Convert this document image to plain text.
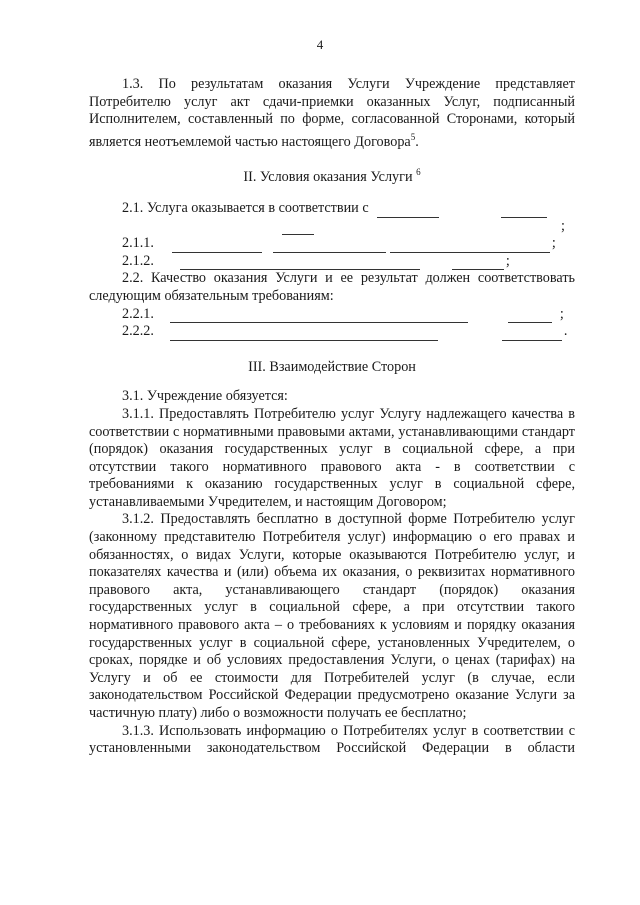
4

1.3. По результатам оказания Услуги Учреждение представляет Потребителю услуг акт сдачи-приемки оказанных Услуг, подписанный Исполнителем, составленный по форме, согласованной Сторонами, который является неотъемлемой частью настоящего Договора$^5$.

II. Условия оказания Услуги $^6$

2.1. Услуга оказывается в соответствии с
;
2.1.1.	;
2.1.2.	;

2.2. Качество оказания Услуги и ее результат должен соответствовать следующим обязательным требованиям:

2.2.1.	;
2.2.2.	.

III. Взаимодействие Сторон

3.1. Учреждение обязуется:

3.1.1. Предоставлять Потребителю услуг Услугу надлежащего качества в соответствии с нормативными правовыми актами, устанавливающими стандарт (порядок) оказания государственных услуг в социальной сфере, а при отсутствии такого нормативного правового акта - в соответствии с требованиями к оказанию государственных услуг в социальной сфере, устанавливаемыми Учредителем, и настоящим Договором;

3.1.2. Предоставлять бесплатно в доступной форме Потребителю услуг (законному представителю Потребителя услуг) информацию о его правах и обязанностях, о видах Услуги, которые оказываются Потребителю услуг, и показателях качества и (или) объема их оказания, о реквизитах нормативного правового акта, устанавливающего стандарт (порядок) оказания государственных услуг в социальной сфере, а при отсутствии такого нормативного правового акта – о требованиях к условиям и порядку оказания государственных услуг в социальной сфере, установленных Учредителем, о сроках, порядке и об условиях предоставления Услуги, о ценах (тарифах) на Услугу и об ее стоимости для Потребителей услуг (в случае, если законодательством Российской Федерации предусмотрено оказание Услуги за частичную плату) либо о возможности получать ее бесплатно;

3.1.3. Использовать информацию о Потребителях услуг в соответствии с установленными законодательством Российской Федерации в области
